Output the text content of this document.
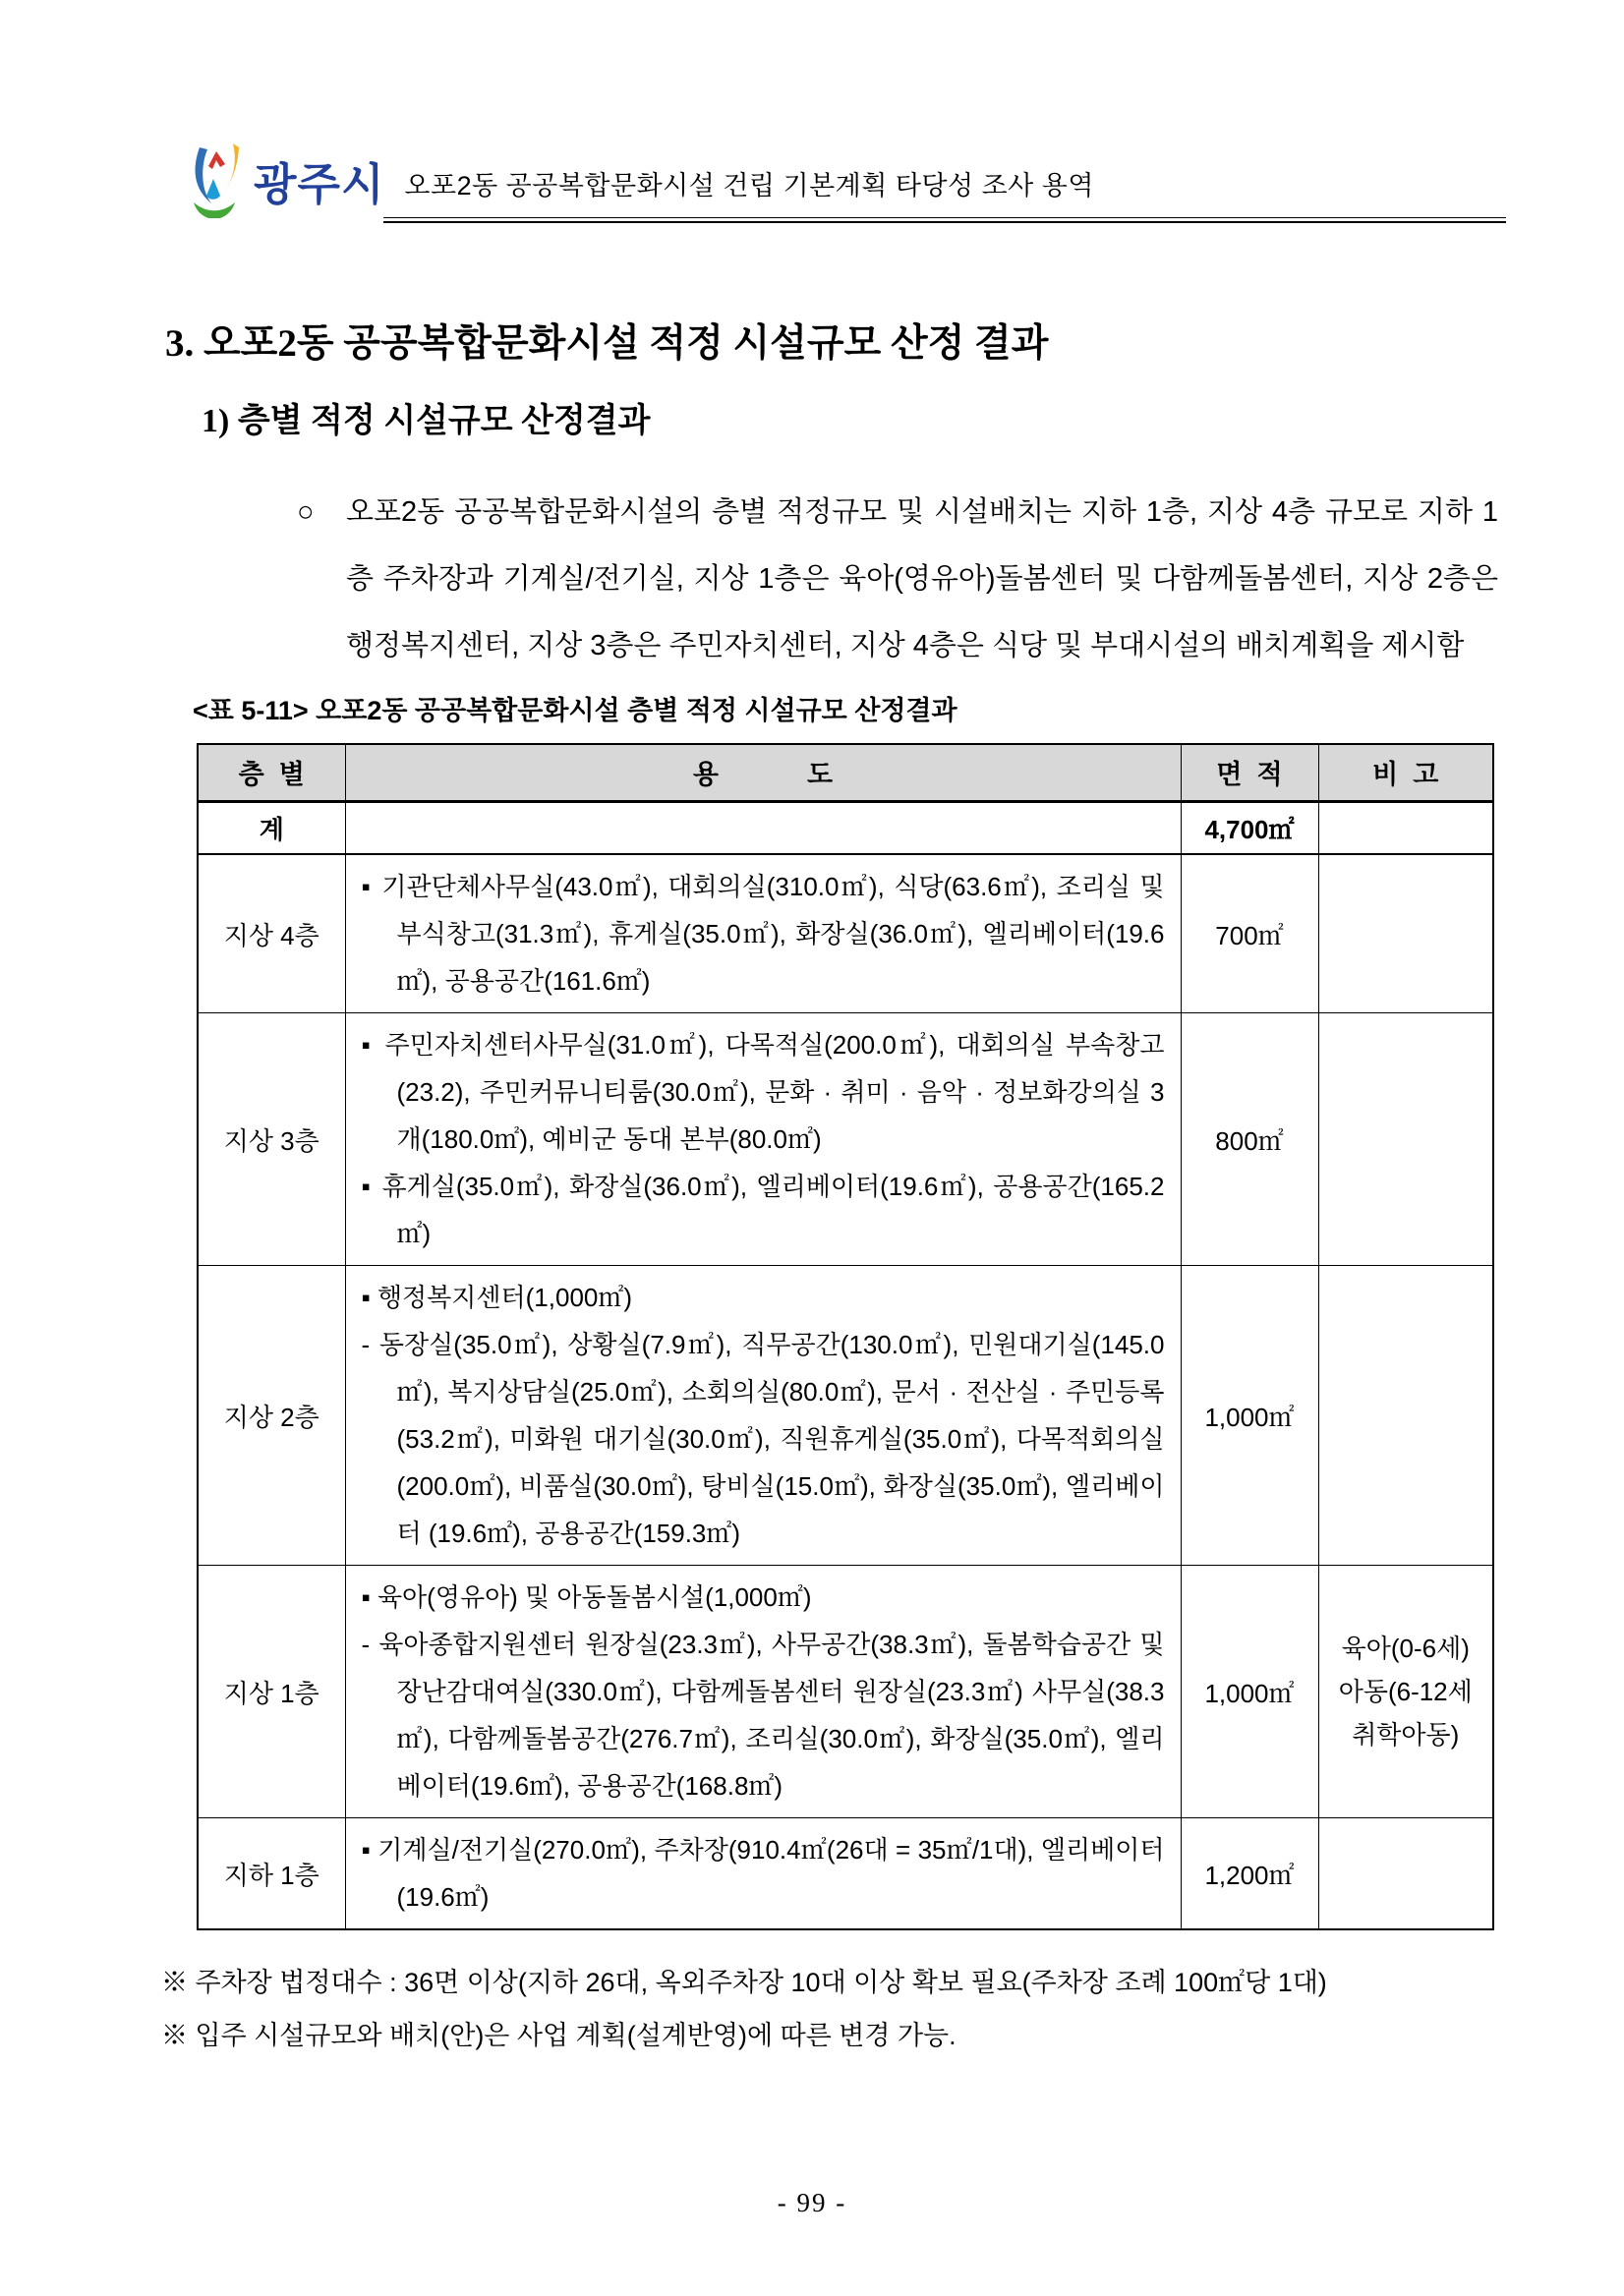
광주시 오포2동 공공복합문화시설 건립 기본계획 타당성 조사 용역
3. 오포2동 공공복합문화시설 적정 시설규모 산정 결과
1) 층별 적정 시설규모 산정결과
○	오포2동 공공복합문화시설의 층별 적정규모 및 시설배치는 지하 1층, 지상 4층 규모로 지하 1층 주차장과 기계실/전기실, 지상 1층은 육아(영유아)돌봄센터 및 다함께돌봄센터, 지상 2층은 행정복지센터, 지상 3층은 주민자치센터, 지상 4층은 식당 및 부대시설의 배치계획을 제시함
<표 5-11> 오포2동 공공복합문화시설 층별 적정 시설규모 산정결과
층  별	용            도	면  적	비  고
계		4,700㎡	
지상 4층	▪ 기관단체사무실(43.0㎡), 대회의실(310.0㎡), 식당(63.6㎡), 조리실 및 부식창고(31.3㎡), 휴게실(35.0㎡), 화장실(36.0㎡), 엘리베이터(19.6㎡), 공용공간(161.6㎡)	700㎡	
지상 3층	▪ 주민자치센터사무실(31.0㎡), 다목적실(200.0㎡), 대회의실 부속창고(23.2), 주민커뮤니티룸(30.0㎡), 문화 · 취미 · 음악 · 정보화강의실 3개(180.0㎡), 예비군 동대 본부(80.0㎡)
▪ 휴게실(35.0㎡), 화장실(36.0㎡), 엘리베이터(19.6㎡), 공용공간(165.2㎡)	800㎡	
지상 2층	▪ 행정복지센터(1,000㎡)
- 동장실(35.0㎡), 상황실(7.9㎡), 직무공간(130.0㎡), 민원대기실(145.0㎡), 복지상담실(25.0㎡), 소회의실(80.0㎡), 문서 · 전산실 · 주민등록(53.2㎡), 미화원 대기실(30.0㎡), 직원휴게실(35.0㎡), 다목적회의실(200.0㎡), 비품실(30.0㎡), 탕비실(15.0㎡), 화장실(35.0㎡), 엘리베이터 (19.6㎡), 공용공간(159.3㎡)	1,000㎡	
지상 1층	▪ 육아(영유아) 및 아동돌봄시설(1,000㎡)
- 육아종합지원센터 원장실(23.3㎡), 사무공간(38.3㎡), 돌봄학습공간 및 장난감대여실(330.0㎡), 다함께돌봄센터 원장실(23.3㎡) 사무실(38.3㎡), 다함께돌봄공간(276.7㎡), 조리실(30.0㎡), 화장실(35.0㎡), 엘리베이터(19.6㎡), 공용공간(168.8㎡)	1,000㎡	육아(0-6세) 아동(6-12세 취학아동)
지하 1층	▪ 기계실/전기실(270.0㎡), 주차장(910.4㎡(26대 = 35㎡/1대), 엘리베이터 (19.6㎡)	1,200㎡	
※ 주차장 법정대수 : 36면 이상(지하 26대, 옥외주차장 10대 이상 확보 필요(주차장 조례 100㎡당 1대)
※ 입주 시설규모와 배치(안)은 사업 계획(설계반영)에 따른 변경 가능.
- 99 -
